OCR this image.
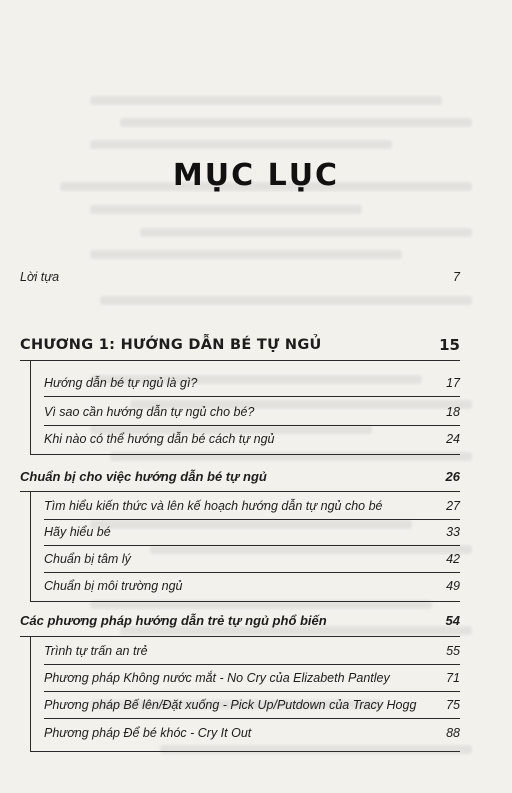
MỤC LỤC
Lời tựa	7
CHƯƠNG 1: HƯỚNG DẪN BÉ TỰ NGỦ	15
Hướng dẫn bé tự ngủ là gì?	17
Vì sao cần hướng dẫn tự ngủ cho bé?	18
Khi nào có thể hướng dẫn bé cách tự ngủ	24
Chuẩn bị cho việc hướng dẫn bé tự ngủ	26
Tìm hiểu kiến thức và lên kế hoạch hướng dẫn tự ngủ cho bé	27
Hãy hiểu bé	33
Chuẩn bị tâm lý	42
Chuẩn bị môi trường ngủ	49
Các phương pháp hướng dẫn trẻ tự ngủ phổ biến	54
Trình tự trấn an trẻ	55
Phương pháp Không nước mắt - No Cry của Elizabeth Pantley	71
Phương pháp Bế lên/Đặt xuống - Pick Up/Putdown của Tracy Hogg 75
Phương pháp Để bé khóc - Cry It Out	88
